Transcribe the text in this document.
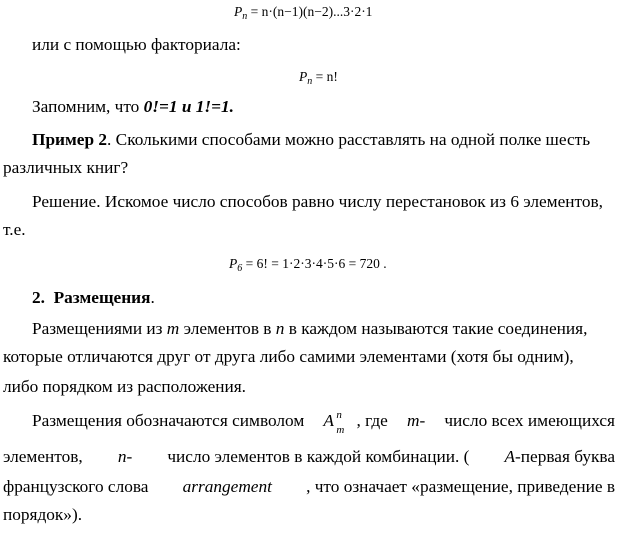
$P_n = n\cdot(n-1)(n-2)...3\cdot 2\cdot 1$
или с помощью факториала:
$P_n = n$!
Запомним, что 0!=1 и 1!=1.
Пример 2. Сколькими способами можно расставлять на одной полке шесть
различных книг?
Решение. Искомое число способов равно числу перестановок из 6 элементов,
т.е.
$P_6 = 6$! = 1·2·3·4·5·6 = 720 .
2. Размещения.
Размещениями из m элементов в n в каждом называются такие соединения,
которые отличаются друг от друга либо самими элементами (хотя бы одним),
либо порядком из расположения.
Размещения обозначаются символом A n
m , где m- число всех имеющихся
элементов, n- число элементов в каждой комбинации. ( A-первая буква
французского слова arrangement , что означает «размещение, приведение в
порядок»).
